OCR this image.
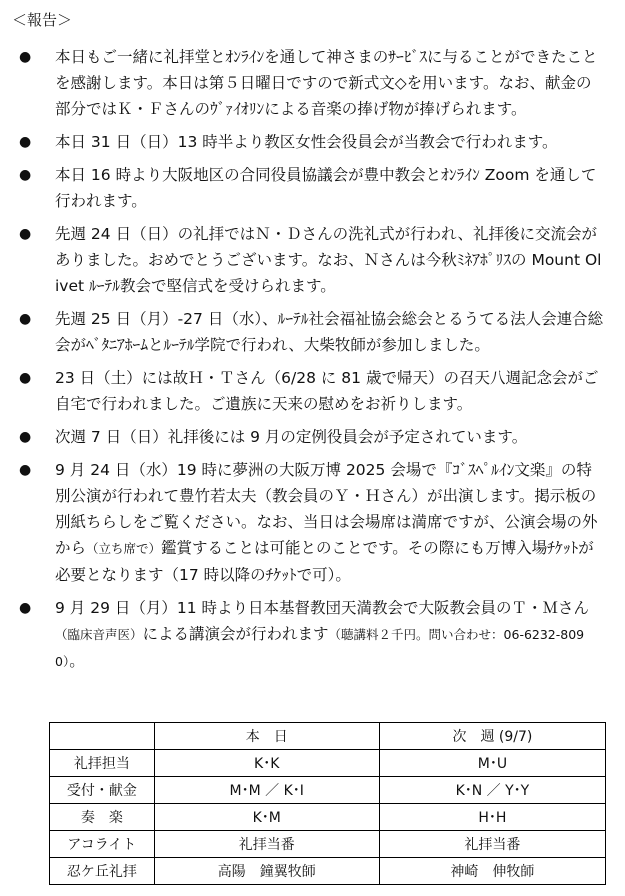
＜報告＞
● 本日もご一緒に礼拝堂とｵﾝﾗｲﾝを通して神さまのｻｰﾋﾞｽに与ることができたことを感謝します。本日は第５日曜日ですので新式文◇を用います。なお、献金の部分ではＫ・Ｆさんのｳﾞｧｲｵﾘﾝによる音楽の捧げ物が捧げられます。
● 本日 31 日（日）13 時半より教区女性会役員会が当教会で行われます。
● 本日 16 時より大阪地区の合同役員協議会が豊中教会とｵﾝﾗｲﾝ Zoom を通して行われます。
● 先週 24 日（日）の礼拝ではＮ・Ｄさんの洗礼式が行われ、礼拝後に交流会がありました。おめでとうございます。なお、Ｎさんは今秋ﾐﾈｱﾎﾟﾘｽの Mount Olivet ﾙｰﾃﾙ教会で堅信式を受けられます。
● 先週 25 日（月）-27 日（水）、ﾙｰﾃﾙ社会福祉協会総会とるうてる法人会連合総会がﾍﾞﾀﾆｱﾎｰﾑとﾙｰﾃﾙ学院で行われ、大柴牧師が参加しました。
● 23 日（土）には故Ｈ・Ｔさん（6/28 に 81 歳で帰天）の召天八週記念会がご自宅で行われました。ご遺族に天来の慰めをお祈りします。
● 次週 7 日（日）礼拝後には 9 月の定例役員会が予定されています。
● 9 月 24 日（水）19 時に夢洲の大阪万博 2025 会場で『ｺﾞｽﾍﾟﾙｲﾝ文楽』の特別公演が行われて豊竹若太夫（教会員のＹ・Ｈさん）が出演します。掲示板の別紙ちらしをご覧ください。なお、当日は会場席は満席ですが、公演会場の外から（立ち席で）鑑賞することは可能とのことです。その際にも万博入場ﾁｹｯﾄが必要となります（17 時以降のﾁｹｯﾄで可）。
● 9 月 29 日（月）11 時より日本基督教団天満教会で大阪教会員のＴ・Ｍさん（臨床音声医）による講演会が行われます（聴講料２千円。問い合わせ：06-6232-8090）。
	本　日	次　週 (9/7)
礼拝担当	K･K	M･U
受付・献金	M･M ／ K･I	K･N ／ Y･Y
奏　楽	K･M	H･H
アコライト	礼拝当番	礼拝当番
忍ケ丘礼拝	高陽　鐘翼牧師	神崎　伸牧師
